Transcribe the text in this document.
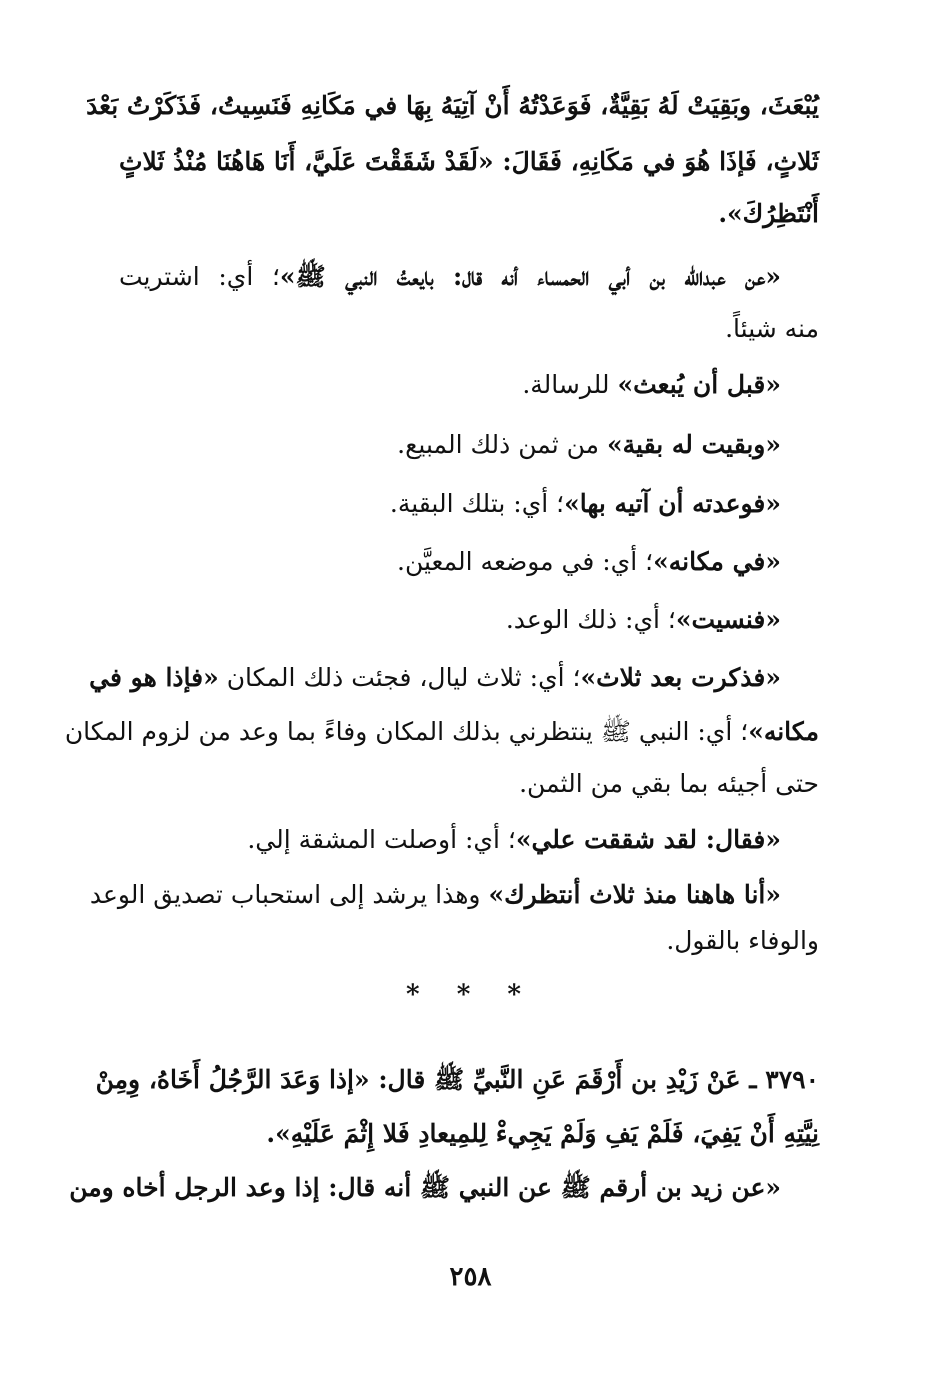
يُبْعَثَ، وبَقِيَتْ لَهُ بَقِيَّةٌ، فَوَعَدْتُهُ أَنْ آتِيَهُ بِهَا في مَكَانِهِ فَنَسِيتُ، فَذَكَرْتُ بَعْدَ
ثَلاثٍ، فَإذَا هُوَ في مَكَانِهِ، فَقَالَ: «لَقَدْ شَقَقْتَ عَلَيَّ، أَنَا هَاهُنَا مُنْذُ ثَلاثٍ
أَنْتَظِرُكَ».
«عن عبدالله بن أبي الحمساء أنه قال: بايعتُ النبي ﷺ»؛ أي: اشتريت
منه شيئاً.
«قبل أن يُبعث» للرسالة.
«وبقيت له بقية» من ثمن ذلك المبيع.
«فوعدته أن آتيه بها»؛ أي: بتلك البقية.
«في مكانه»؛ أي: في موضعه المعيَّن.
«فنسيت»؛ أي: ذلك الوعد.
«فذكرت بعد ثلاث»؛ أي: ثلاث ليال، فجئت ذلك المكان «فإذا هو في
مكانه»؛ أي: النبي ﷺ ينتظرني بذلك المكان وفاءً بما وعد من لزوم المكان
حتى أجيئه بما بقي من الثمن.
«فقال: لقد شققت علي»؛ أي: أوصلت المشقة إلي.
«أنا هاهنا منذ ثلاث أنتظرك» وهذا يرشد إلى استحباب تصديق الوعد
والوفاء بالقول.
* * *
٣٧٩٠ ـ عَنْ زَيْدِ بن أَرْقَمَ عَنِ النَّبيِّ ﷺ قال: «إذا وَعَدَ الرَّجُلُ أَخَاهُ، وِمِنْ
نِيَّتِهِ أَنْ يَفِيَ، فَلَمْ يَفِ وَلَمْ يَجِيءْ لِلمِيعادِ فَلا إِثْمَ عَلَيْهِ».
«عن زيد بن أرقم ﷺ عن النبي ﷺ أنه قال: إذا وعد الرجل أخاه ومن
٢٥٨
